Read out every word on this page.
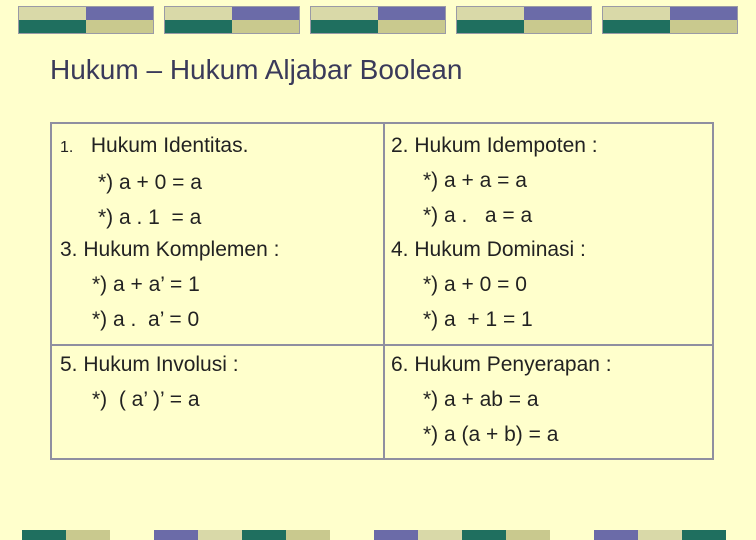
Hukum – Hukum Aljabar Boolean
1. Hukum Identitas.
*) a + 0 = a
*) a . 1  = a
3. Hukum Komplemen :
*) a + a’ = 1
*) a .  a’ = 0
5. Hukum Involusi :
*)  ( a’ )’ = a
2. Hukum Idempoten :
*) a + a = a
*) a .   a = a
4. Hukum Dominasi :
*) a + 0 = 0
*) a  + 1 = 1
6. Hukum Penyerapan :
*) a + ab = a
*) a (a + b) = a
